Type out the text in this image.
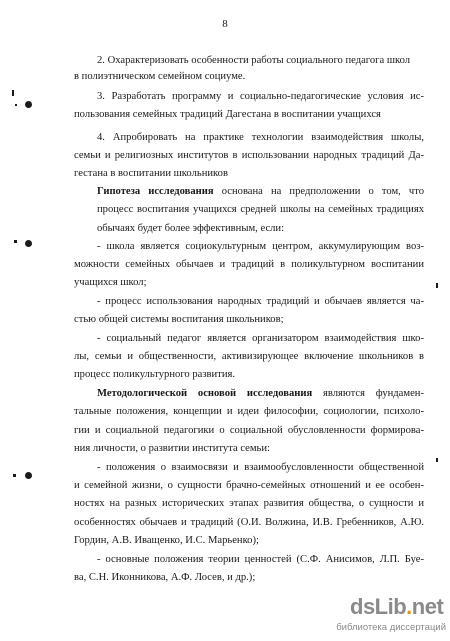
8
2. Охарактеризовать особенности работы социального педагога школ
в полиэтническом семейном социуме.
3. Разработать программу и социально-педагогические условия ис-
пользования семейных традиций Дагестана в воспитании учащихся
4. Апробировать на практике технологии взаимодействия школы,
семьи и религиозных институтов в использовании народных традиций Да-
гестана в воспитании школьников
Гипотеза исследования основана на предположении о том, что
процесс воспитания учащихся средней школы на семейных традициях
обычаях будет более эффективным, если:
- школа является социокультурным центром, аккумулирующим воз-
можности семейных обычаев и традиций в поликультурном воспитании
учащихся школ;
- процесс использования народных традиций и обычаев является ча-
стью общей системы воспитания школьников;
- социальный педагог является организатором взаимодействия шко-
лы, семьи и общественности, активизирующее включение школьников в
процесс поликультурного развития.
Методологической основой исследования являются фундамен-
тальные положения, концепции и идеи философии, социологии, психоло-
гии и социальной педагогики о социальной обусловленности формирова-
ния личности, о развитии института семьи:
- положения о взаимосвязи и взаимообусловленности общественной
и семейной жизни, о сущности брачно-семейных отношений и ее особен-
ностях на разных исторических этапах развития общества, о сущности и
особенностях обычаев и традиций (О.И. Волжина, И.В. Гребенников, А.Ю.
Гордин, А.В. Иващенко, И.С. Марьенко);
- основные положения теории ценностей (С.Ф. Анисимов, Л.П. Буе-
ва, С.Н. Иконникова, А.Ф. Лосев, и др.);
dsLib.net
библиотека диссертаций
